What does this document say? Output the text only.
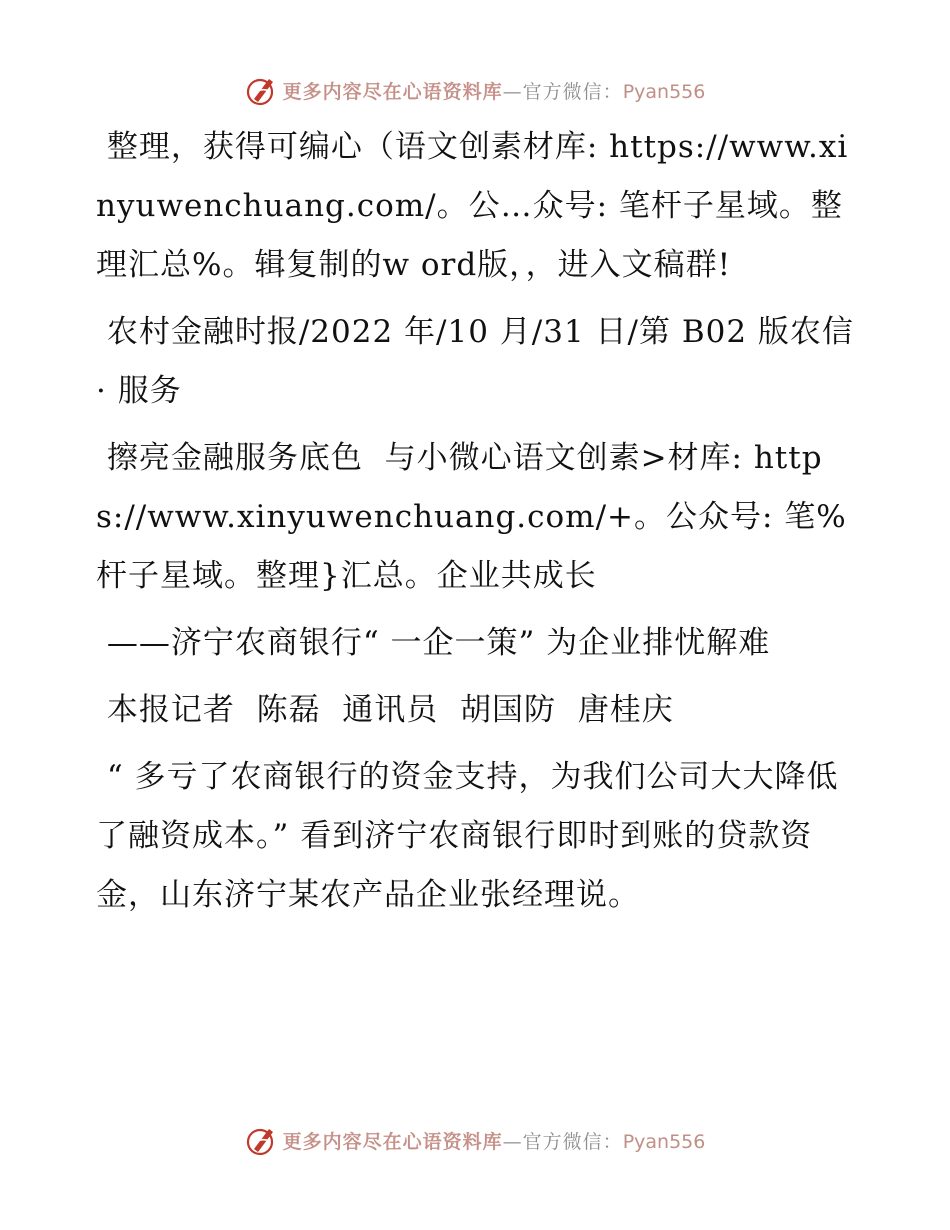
更多内容尽在心语资料库—官方微信：Pyan556

整理，获得可编心（语文创素材库: https://www.xinyuwenchuang.com/。公…众号: 笔杆子星域。整理汇总%。辑复制的w ord版，，进入文稿群!

农村金融时报/2022 年/10 月/31 日/第 B02 版农信 · 服务

擦亮金融服务底色  与小微心语文创素>材库: https://www.xinyuwenchuang.com/+。公众号: 笔%杆子星域。整理}汇总。企业共成长

——济宁农商银行“ 一企一策” 为企业排忧解难

本报记者  陈磊  通讯员  胡国防  唐桂庆

“ 多亏了农商银行的资金支持，为我们公司大大降低了融资成本。” 看到济宁农商银行即时到账的贷款资金，山东济宁某农产品企业张经理说。

更多内容尽在心语资料库—官方微信：Pyan556
